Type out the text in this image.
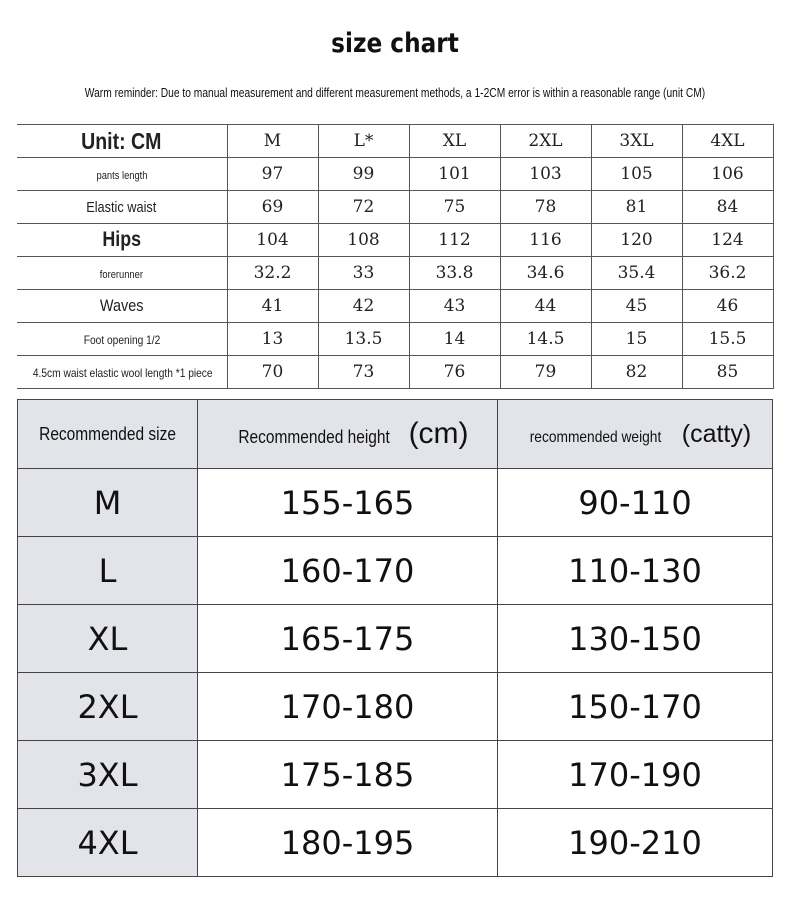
size chart
Warm reminder: Due to manual measurement and different measurement methods, a 1-2CM error is within a reasonable range (unit CM)
Unit: CM	M	L*	XL	2XL	3XL	4XL
pants length	97	99	101	103	105	106
Elastic waist	69	72	75	78	81	84
Hips	104	108	112	116	120	124
forerunner	32.2	33	33.8	34.6	35.4	36.2
Waves	41	42	43	44	45	46
Foot opening 1/2	13	13.5	14	14.5	15	15.5
4.5cm waist elastic wool length *1 piece	70	73	76	79	82	85
Recommended size	Recommended height (cm)	recommended weight (catty)
M	155-165	90-110
L	160-170	110-130
XL	165-175	130-150
2XL	170-180	150-170
3XL	175-185	170-190
4XL	180-195	190-210
